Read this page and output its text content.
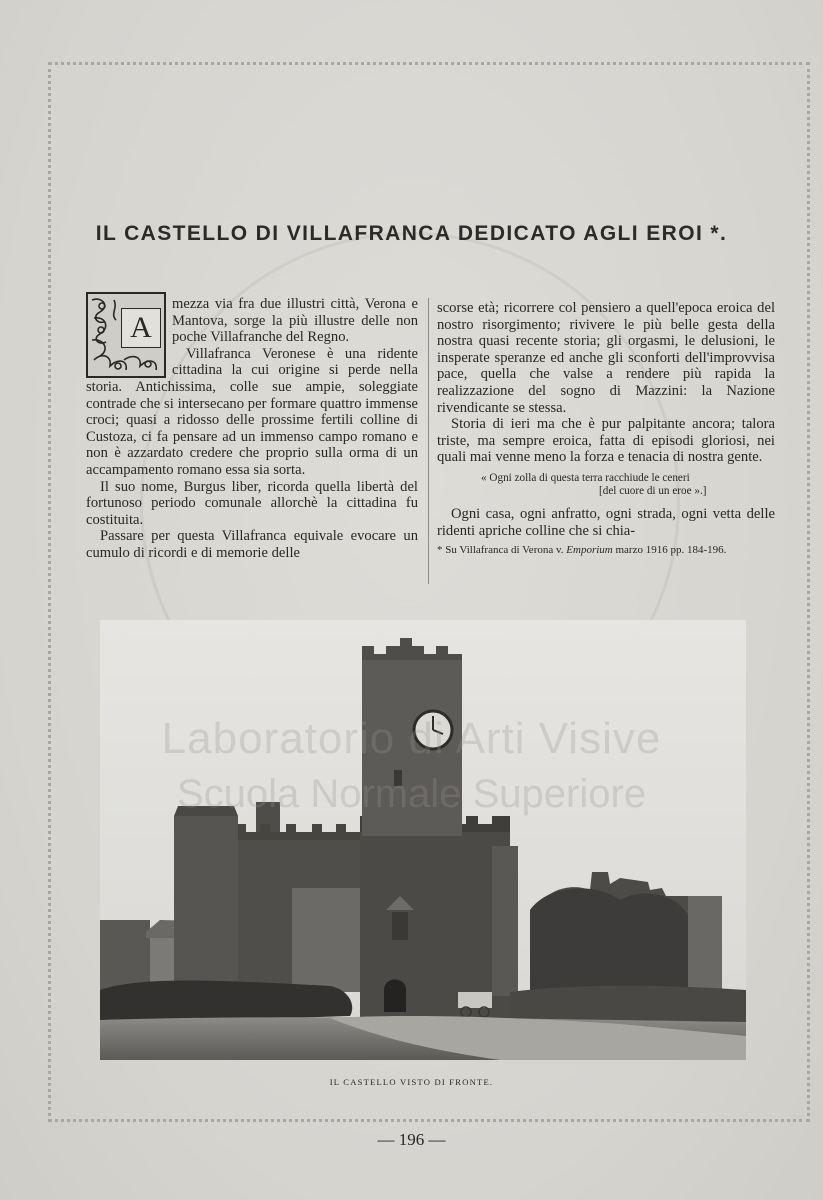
IL CASTELLO DI VILLAFRANCA DEDICATO AGLI EROI *.
A

mezza via fra due illustri città, Verona e Mantova, sorge la più illustre delle non poche Villafranche del Regno.

Villafranca Veronese è una ridente cittadina la cui origine si perde nella storia. Antichissima, colle sue ampie, soleggiate contrade che si intersecano per formare quattro immense croci; quasi a ridosso delle prossime fertili colline di Custoza, ci fa pensare ad un immenso campo romano e non è azzardato credere che proprio sulla orma di un accampamento romano essa sia sorta.

Il suo nome, Burgus liber, ricorda quella libertà del fortunoso periodo comunale allorchè la cittadina fu costituita.

Passare per questa Villafranca equivale evocare un cumulo di ricordi e di memorie delle

scorse età; ricorrere col pensiero a quell'epoca eroica del nostro risorgimento; rivivere le più belle gesta della nostra quasi recente storia; gli orgasmi, le delusioni, le insperate speranze ed anche gli sconforti dell'improvvisa pace, quella che valse a rendere più rapida la realizzazione del sogno di Mazzini: la Nazione rivendicante se stessa.

Storia di ieri ma che è pur palpitante ancora; talora triste, ma sempre eroica, fatta di episodi gloriosi, nei quali mai venne meno la forza e tenacia di nostra gente.

« Ogni zolla di questa terra racchiude le ceneri
[del cuore di un eroe ».]

Ogni casa, ogni anfratto, ogni strada, ogni vetta delle ridenti apriche colline che si chia-

* Su Villafranca di Verona v. Emporium marzo 1916 pp. 184-196.
Laboratorio di Arti Visive
Scuola Normale Superiore
IL CASTELLO VISTO DI FRONTE.
— 196 —
